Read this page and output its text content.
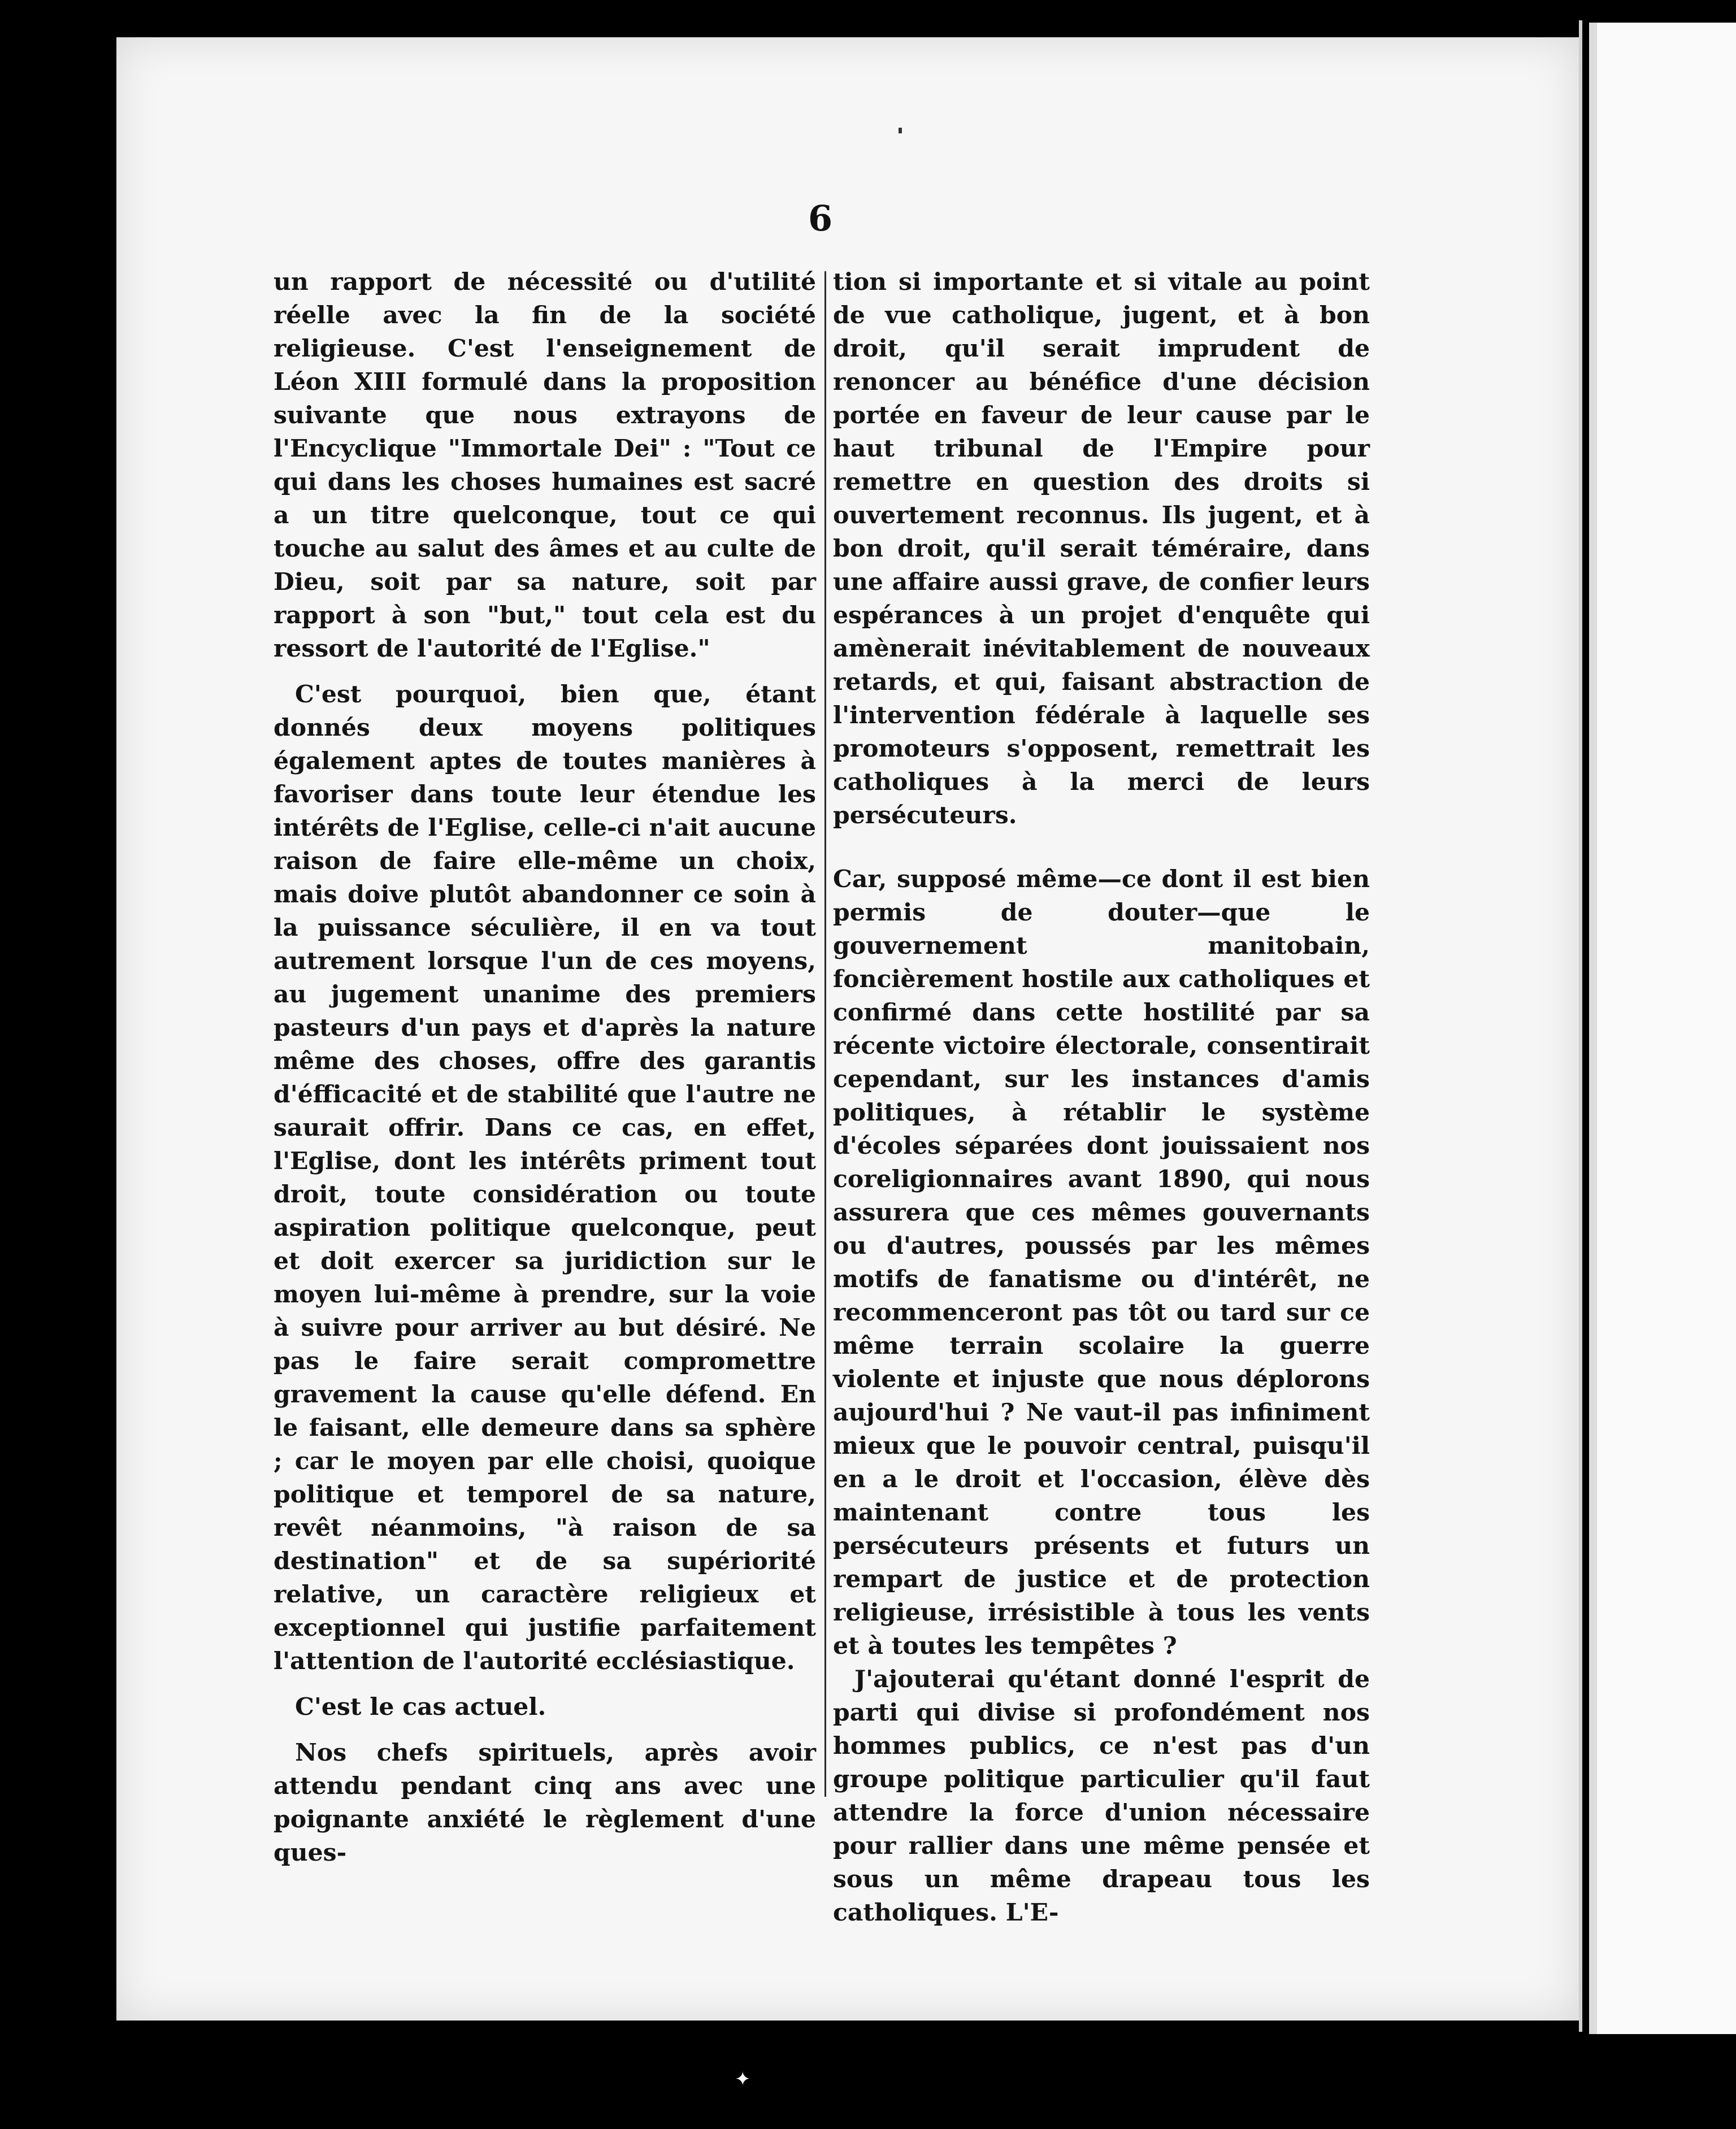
6

un rapport de nécessité ou d'utilité réelle avec la fin de la société religieuse. C'est l'enseignement de Léon XIII formulé dans la proposition suivante que nous extrayons de l'Encyclique "Immortale Dei" : "Tout ce qui dans les choses humaines est sacré a un titre quelconque, tout ce qui touche au salut des âmes et au culte de Dieu, soit par sa nature, soit par rapport à son "but," tout cela est du ressort de l'autorité de l'Eglise."

C'est pourquoi, bien que, étant donnés deux moyens politiques également aptes de toutes manières à favoriser dans toute leur étendue les intérêts de l'Eglise, celle-ci n'ait aucune raison de faire elle-même un choix, mais doive plutôt abandonner ce soin à la puissance séculière, il en va tout autrement lorsque l'un de ces moyens, au jugement unanime des premiers pasteurs d'un pays et d'après la nature même des choses, offre des garantis d'éfficacité et de stabilité que l'autre ne saurait offrir. Dans ce cas, en effet, l'Eglise, dont les intérêts priment tout droit, toute considération ou toute aspiration politique quelconque, peut et doit exercer sa juridiction sur le moyen lui-même à prendre, sur la voie à suivre pour arriver au but désiré. Ne pas le faire serait compromettre gravement la cause qu'elle défend. En le faisant, elle demeure dans sa sphère ; car le moyen par elle choisi, quoique politique et temporel de sa nature, revêt néanmoins, "à raison de sa destination" et de sa supériorité relative, un caractère religieux et exceptionnel qui justifie parfaitement l'attention de l'autorité ecclésiastique.

C'est le cas actuel.

Nos chefs spirituels, après avoir attendu pendant cinq ans avec une poignante anxiété le règlement d'une ques-

tion si importante et si vitale au point de vue catholique, jugent, et à bon droit, qu'il serait imprudent de renoncer au bénéfice d'une décision portée en faveur de leur cause par le haut tribunal de l'Empire pour remettre en question des droits si ouvertement reconnus. Ils jugent, et à bon droit, qu'il serait téméraire, dans une affaire aussi grave, de confier leurs espérances à un projet d'enquête qui amènerait inévitablement de nouveaux retards, et qui, faisant abstraction de l'intervention fédérale à laquelle ses promoteurs s'opposent, remettrait les catholiques à la merci de leurs persécuteurs.

Car, supposé même—ce dont il est bien permis de douter—que le gouvernement manitobain, foncièrement hostile aux catholiques et confirmé dans cette hostilité par sa récente victoire électorale, consentirait cependant, sur les instances d'amis politiques, à rétablir le système d'écoles séparées dont jouissaient nos coreligionnaires avant 1890, qui nous assurera que ces mêmes gouvernants ou d'autres, poussés par les mêmes motifs de fanatisme ou d'intérêt, ne recommenceront pas tôt ou tard sur ce même terrain scolaire la guerre violente et injuste que nous déplorons aujourd'hui ? Ne vaut-il pas infiniment mieux que le pouvoir central, puisqu'il en a le droit et l'occasion, élève dès maintenant contre tous les persécuteurs présents et futurs un rempart de justice et de protection religieuse, irrésistible à tous les vents et à toutes les tempêtes ?

J'ajouterai qu'étant donné l'esprit de parti qui divise si profondément nos hommes publics, ce n'est pas d'un groupe politique particulier qu'il faut attendre la force d'union nécessaire pour rallier dans une même pensée et sous un même drapeau tous les catholiques. L'E-

✦
